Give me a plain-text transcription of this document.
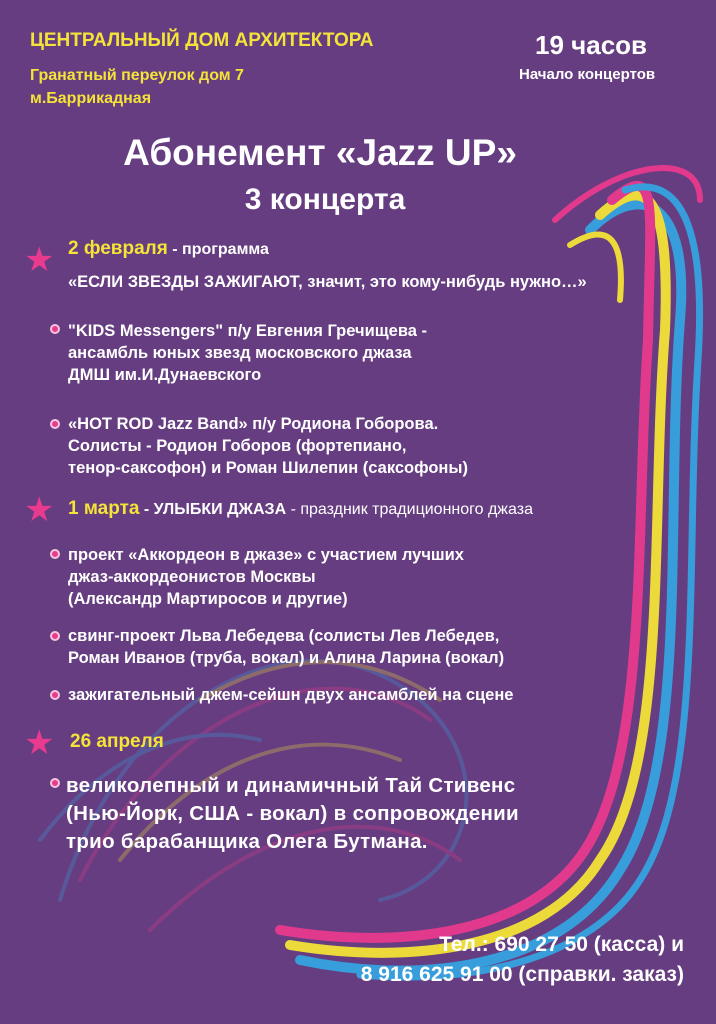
ЦЕНТРАЛЬНЫЙ ДОМ АРХИТЕКТОРА
Гранатный переулок дом 7
м.Баррикадная
19 часов
Начало концертов
Абонемент «Jazz UP»
3 концерта
★ 2 февраля - программа
«ЕСЛИ ЗВЕЗДЫ ЗАЖИГАЮТ, значит, это кому-нибудь нужно…»
"KIDS Messengers" п/у Евгения Гречищева -
ансамбль юных звезд московского джаза
ДМШ им.И.Дунаевского
«HOT ROD Jazz Band» п/у Родиона Гоборова.
Солисты - Родион Гоборов (фортепиано,
тенор-саксофон) и Роман Шилепин (саксофоны)
★ 1 марта - УЛЫБКИ ДЖАЗА - праздник традиционного джаза
проект «Аккордеон в джазе» с участием лучших
джаз-аккордеонистов Москвы
(Александр Мартиросов и другие)
свинг-проект Льва Лебедева (солисты Лев Лебедев,
Роман Иванов (труба, вокал) и Алина Ларина (вокал)
зажигательный джем-сейшн двух ансамблей на сцене
★ 26 апреля
великолепный и динамичный Тай Стивенс
(Нью-Йорк, США - вокал) в сопровождении
трио барабанщика Олега Бутмана.
Тел.: 690 27 50 (касса) и
8 916 625 91 00 (справки. заказ)
